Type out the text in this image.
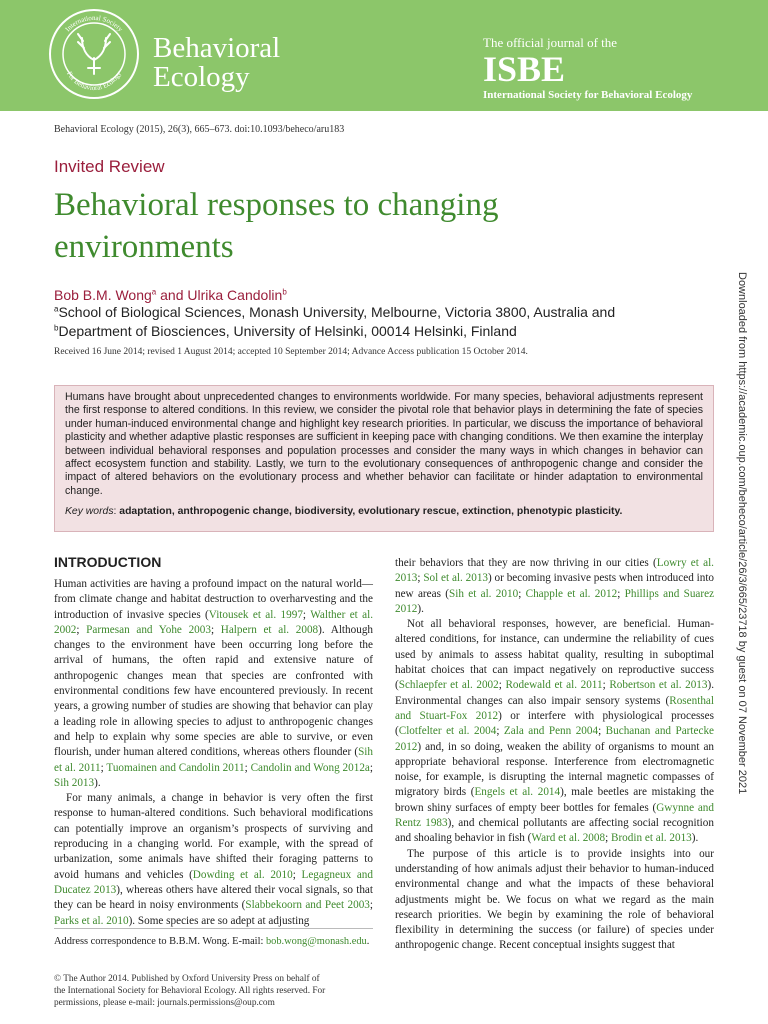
International Society
For Behavioral Ecology
Behavioral
Ecology
The official journal of the
ISBE
International Society for Behavioral Ecology
Behavioral Ecology (2015), 26(3), 665–673. doi:10.1093/beheco/aru183
Invited Review
Behavioral responses to changing
environments
Bob B.M. Wong$^a$ and Ulrika Candolin$^b$
$^a$School of Biological Sciences, Monash University, Melbourne, Victoria 3800, Australia and
$^b$Department of Biosciences, University of Helsinki, 00014 Helsinki, Finland
Received 16 June 2014; revised 1 August 2014; accepted 10 September 2014; Advance Access publication 15 October 2014.	Downloaded from https://academic.oup.com/beheco/article/26/3/665/23718 by guest on 07 November 2021
Humans have brought about unprecedented changes to environments worldwide. For many species, behavioral adjustments represent the first response to altered conditions. In this review, we consider the pivotal role that behavior plays in determining the fate of species under human-induced environmental change and highlight key research priorities. In particular, we discuss the importance of behavioral plasticity and whether adaptive plastic responses are sufficient in keeping pace with changing conditions. We then examine the interplay between individual behavioral responses and population processes and consider the many ways in which changes in behavior can affect ecosystem function and stability. Lastly, we turn to the evolutionary consequences of anthropogenic change and consider the impact of altered behaviors on the evolutionary process and whether behavior can facilitate or hinder adaptation to environmental change.
Key words: adaptation, anthropogenic change, biodiversity, evolutionary rescue, extinction, phenotypic plasticity.
INTRODUCTION

Human activities are having a profound impact on the natural world—from climate change and habitat destruction to overharvesting and the introduction of invasive species (Vitousek et al. 1997; Walther et al. 2002; Parmesan and Yohe 2003; Halpern et al. 2008). Although changes to the environment have been occurring long before the arrival of humans, the often rapid and extensive nature of anthropogenic changes mean that species are confronted with environmental conditions few have encountered previously. In recent years, a growing number of studies are showing that behavior can play a leading role in allowing species to adjust to anthropogenic changes and help to explain why some species are able to survive, or even flourish, under human altered conditions, whereas others flounder (Sih et al. 2011; Tuomainen and Candolin 2011; Candolin and Wong 2012a; Sih 2013).

For many animals, a change in behavior is very often the first response to human-altered conditions. Such behavioral modifications can potentially improve an organism’s prospects of surviving and reproducing in a changing world. For example, with the spread of urbanization, some animals have shifted their foraging patterns to avoid humans and vehicles (Dowding et al. 2010; Legagneux and Ducatez 2013), whereas others have altered their vocal signals, so that they can be heard in noisy environments (Slabbekoorn and Peet 2003; Parks et al. 2010). Some species are so adept at adjusting

their behaviors that they are now thriving in our cities (Lowry et al. 2013; Sol et al. 2013) or becoming invasive pests when introduced into new areas (Sih et al. 2010; Chapple et al. 2012; Phillips and Suarez 2012).

Not all behavioral responses, however, are beneficial. Human-altered conditions, for instance, can undermine the reliability of cues used by animals to assess habitat quality, resulting in suboptimal habitat choices that can impact negatively on reproductive success (Schlaepfer et al. 2002; Rodewald et al. 2011; Robertson et al. 2013). Environmental changes can also impair sensory systems (Rosenthal and Stuart-Fox 2012) or interfere with physiological processes (Clotfelter et al. 2004; Zala and Penn 2004; Buchanan and Partecke 2012) and, in so doing, weaken the ability of organisms to mount an appropriate behavioral response. Interference from electromagnetic noise, for example, is disrupting the internal magnetic compasses of migratory birds (Engels et al. 2014), male beetles are mistaking the brown shiny surfaces of empty beer bottles for females (Gwynne and Rentz 1983), and chemical pollutants are affecting social recognition and shoaling behavior in fish (Ward et al. 2008; Brodin et al. 2013).

The purpose of this article is to provide insights into our understanding of how animals adjust their behavior to human-induced environmental change and what the impacts of these behavioral adjustments might be. We focus on what we regard as the main research priorities. We begin by examining the role of behavioral flexibility in determining the success (or failure) of species under anthropogenic change. Recent conceptual insights suggest that

Address correspondence to B.B.M. Wong. E-mail: bob.wong@monash.edu.
© The Author 2014. Published by Oxford University Press on behalf of
the International Society for Behavioral Ecology. All rights reserved. For
permissions, please e-mail: journals.permissions@oup.com
